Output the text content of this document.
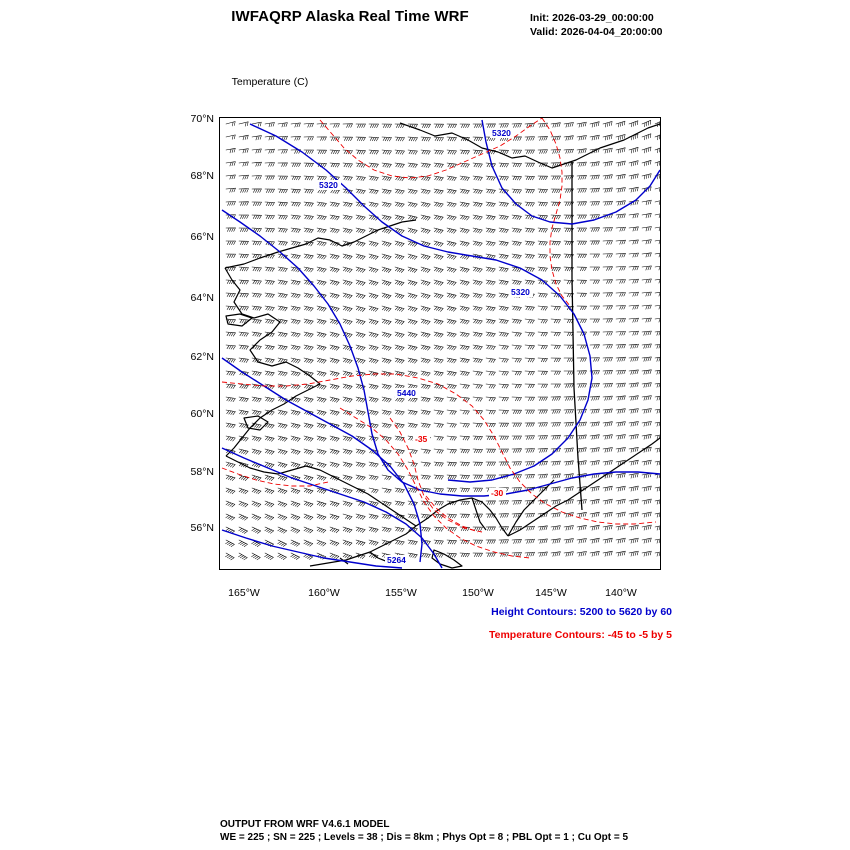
IWFAQRP Alaska Real Time WRF	Init: 2026-03-29_00:00:00
Valid: 2026-04-04_20:00:00

Temperature (C)

5320
5320
5320
5440
5264
-35
-30
70°N
68°N
66°N
64°N
62°N
60°N
58°N
56°N
165°W	160°W	155°W	150°W	145°W	140°W
Height Contours: 5200 to 5620 by 60
Temperature Contours: -45 to -5 by 5
OUTPUT FROM WRF V4.6.1 MODEL
WE = 225 ; SN = 225 ; Levels = 38 ; Dis = 8km ; Phys Opt = 8 ; PBL Opt = 1 ; Cu Opt = 5
